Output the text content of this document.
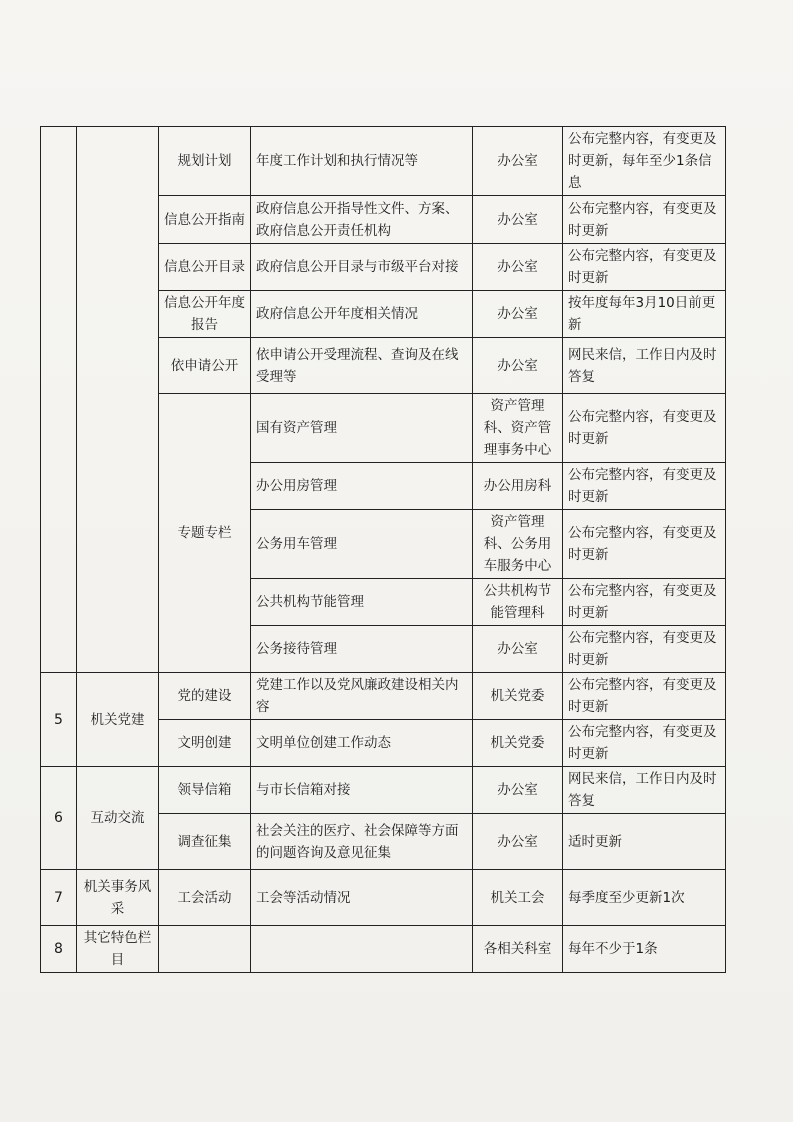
		规划计划	年度工作计划和执行情况等	办公室	公布完整内容，有变更及时更新，每年至少1条信息
		信息公开指南	政府信息公开指导性文件、方案、政府信息公开责任机构	办公室	公布完整内容，有变更及时更新
		信息公开目录	政府信息公开目录与市级平台对接	办公室	公布完整内容，有变更及时更新
		信息公开年度报告	政府信息公开年度相关情况	办公室	按年度每年3月10日前更新
		依申请公开	依申请公开受理流程、查询及在线受理等	办公室	网民来信，工作日内及时答复
		专题专栏	国有资产管理	资产管理科、资产管理事务中心	公布完整内容，有变更及时更新
			办公用房管理	办公用房科	公布完整内容，有变更及时更新
			公务用车管理	资产管理科、公务用车服务中心	公布完整内容，有变更及时更新
			公共机构节能管理	公共机构节能管理科	公布完整内容，有变更及时更新
			公务接待管理	办公室	公布完整内容，有变更及时更新
5	机关党建	党的建设	党建工作以及党风廉政建设相关内容	机关党委	公布完整内容，有变更及时更新
		文明创建	文明单位创建工作动态	机关党委	公布完整内容，有变更及时更新
6	互动交流	领导信箱	与市长信箱对接	办公室	网民来信，工作日内及时答复
		调查征集	社会关注的医疗、社会保障等方面的问题咨询及意见征集	办公室	适时更新
7	机关事务风采	工会活动	工会等活动情况	机关工会	每季度至少更新1次
8	其它特色栏目			各相关科室	每年不少于1条
